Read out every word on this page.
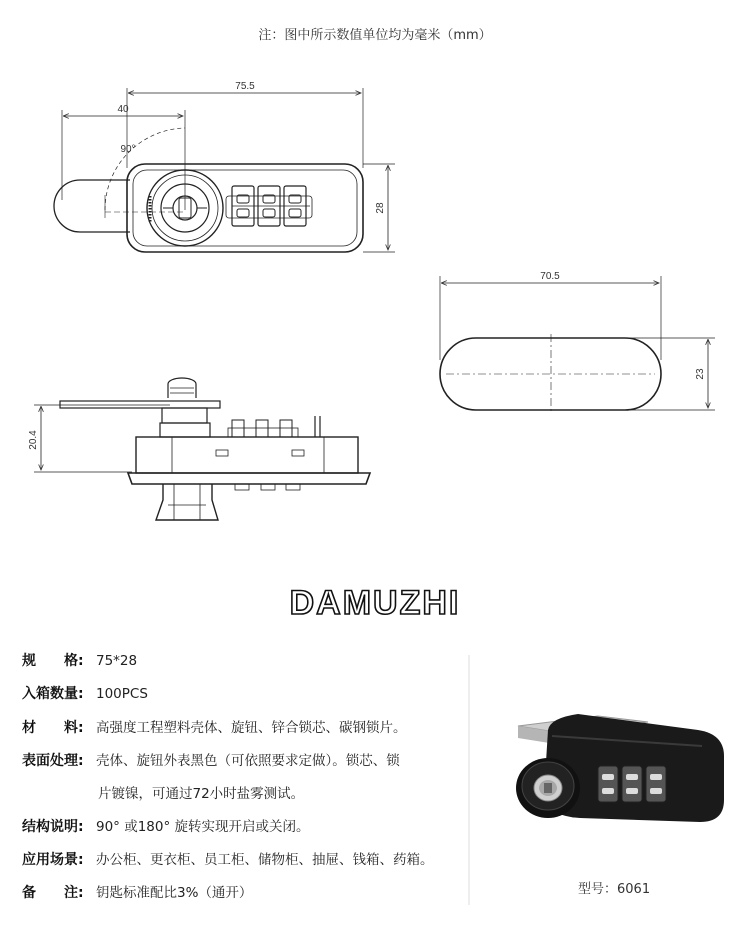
注：图中所示数值单位均为毫米（mm）
75.5
40
90°
28
70.5
23
20.4
DAMUZHI
规　　格: 75*28
入箱数量: 100PCS
材　　料: 高强度工程塑料壳体、旋钮、锌合锁芯、碳钢锁片。
表面处理: 壳体、旋钮外表黑色（可依照要求定做）。锁芯、锁
片镀镍，可通过72小时盐雾测试。
结构说明: 90° 或180° 旋转实现开启或关闭。
应用场景: 办公柜、更衣柜、员工柜、储物柜、抽屉、钱箱、药箱。
备　　注: 钥匙标准配比3%（通开）	型号：6061
